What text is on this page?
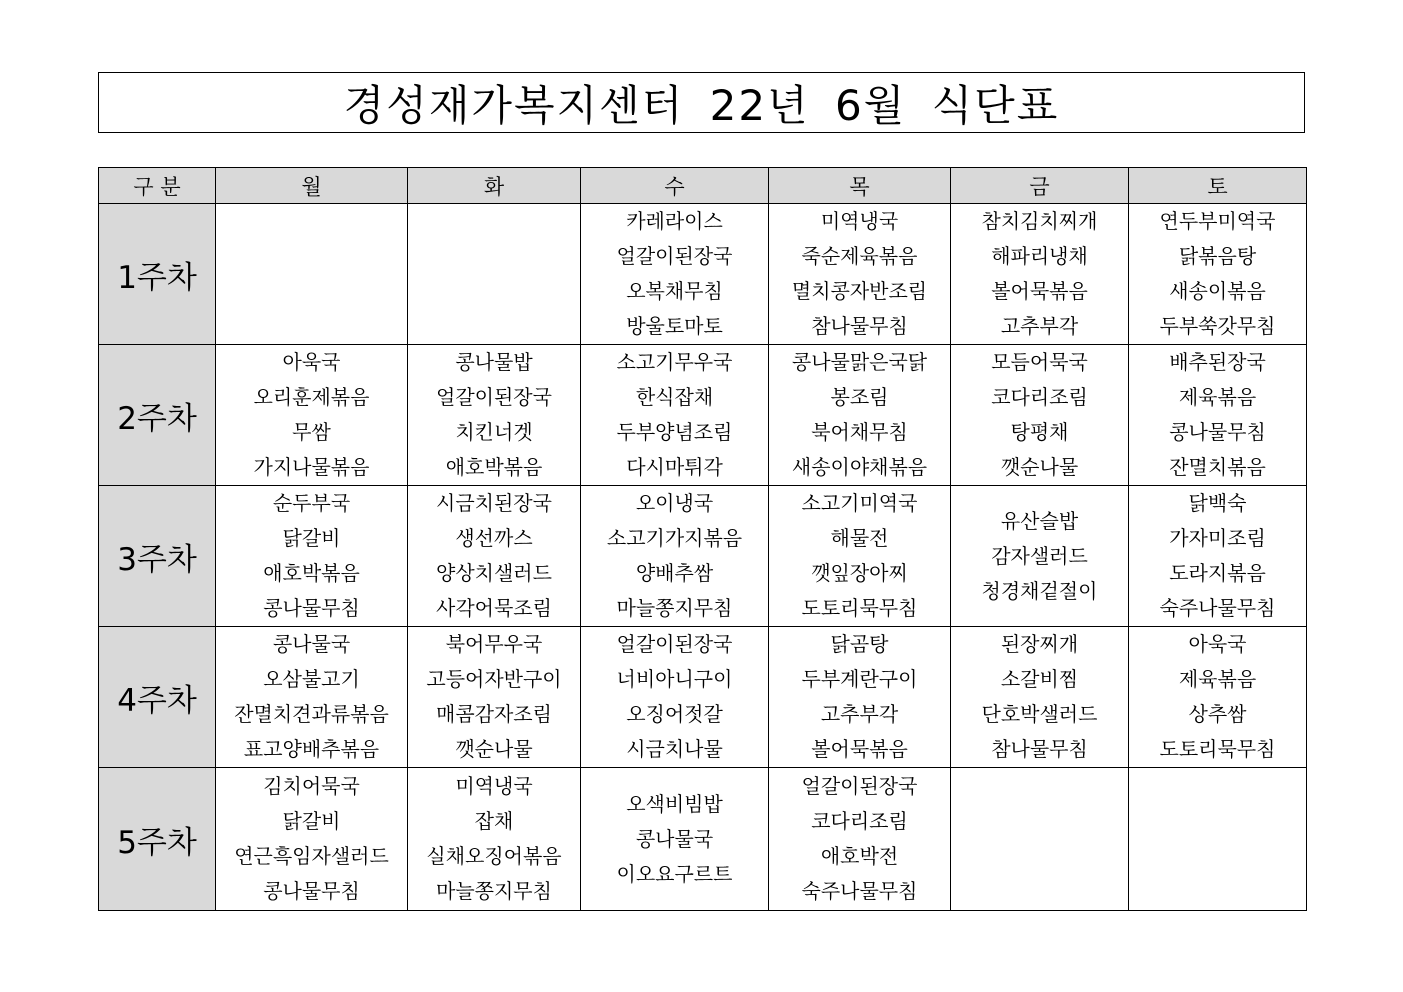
경성재가복지센터 22년 6월 식단표
구 분	월	화	수	목	금	토
1주차			카레라이스
얼갈이된장국
오복채무침
방울토마토	미역냉국
죽순제육볶음
멸치콩자반조림
참나물무침	참치김치찌개
해파리냉채
볼어묵볶음
고추부각	연두부미역국
닭볶음탕
새송이볶음
두부쑥갓무침

2주차	아욱국
오리훈제볶음
무쌈
가지나물볶음	콩나물밥
얼갈이된장국
치킨너겟
애호박볶음	소고기무우국
한식잡채
두부양념조림
다시마튀각	콩나물맑은국닭
봉조림
북어채무침
새송이야채볶음	모듬어묵국
코다리조림
탕평채
깻순나물	배추된장국
제육볶음
콩나물무침
잔멸치볶음

3주차	순두부국
닭갈비
애호박볶음
콩나물무침	시금치된장국
생선까스
양상치샐러드
사각어묵조림	오이냉국
소고기가지볶음
양배추쌈
마늘쫑지무침	소고기미역국
해물전
깻잎장아찌
도토리묵무침	유산슬밥
감자샐러드
청경채겉절이	닭백숙
가자미조림
도라지볶음
숙주나물무침

4주차	콩나물국
오삼불고기
잔멸치견과류볶음
표고양배추볶음	북어무우국
고등어자반구이
매콤감자조림
깻순나물	얼갈이된장국
너비아니구이
오징어젓갈
시금치나물	닭곰탕
두부계란구이
고추부각
볼어묵볶음	된장찌개
소갈비찜
단호박샐러드
참나물무침	아욱국
제육볶음
상추쌈
도토리묵무침

5주차	김치어묵국
닭갈비
연근흑임자샐러드
콩나물무침	미역냉국
잡채
실채오징어볶음
마늘쫑지무침	오색비빔밥
콩나물국
이오요구르트	얼갈이된장국
코다리조림
애호박전
숙주나물무침		
